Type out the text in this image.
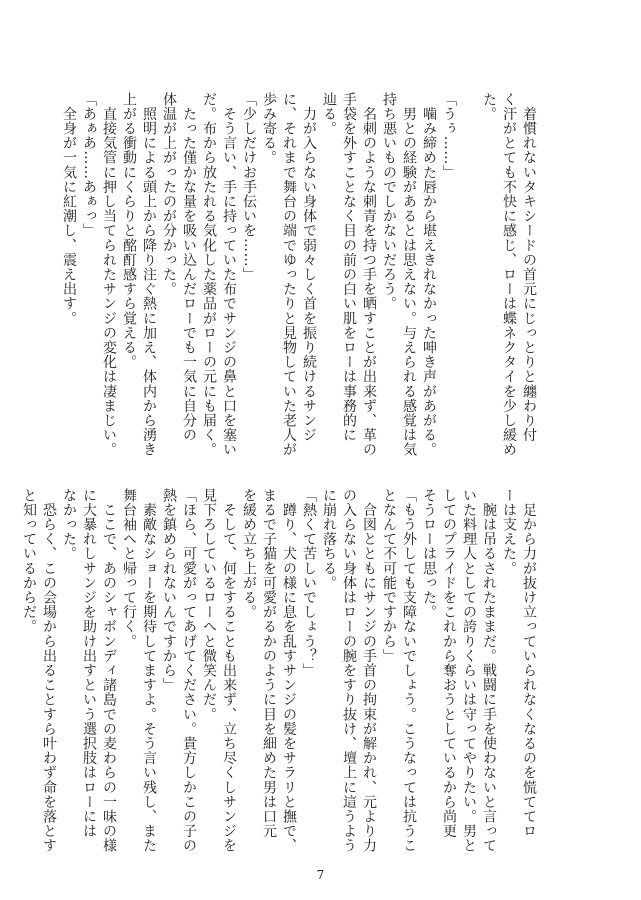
　着慣れないタキシードの首元にじっとりと纏わり付
く汗がとても不快に感じ、ローは蝶ネクタイを少し緩め
た。
「うぅ……」
　噛み締めた唇から堪えきれなかった呻き声があがる。
　男との経験があるとは思えない。与えられる感覚は気
持ち悪いものでしかないだろう。
　名刺のような刺青を持つ手を晒すことが出来ず、革の
手袋を外すことなく目の前の白い肌をローは事務的に
辿る。
　力が入らない身体で弱々しく首を振り続けるサンジ
に、それまで舞台の端でゆったりと見物していた老人が
歩み寄る。
「少しだけお手伝いを……」
　そう言い、手に持っていた布でサンジの鼻と口を塞い
だ。布から放たれる気化した薬品がローの元にも届く。
　たった僅かな量を吸い込んだローでも一気に自分の
体温が上がったのが分かった。
　照明による頭上から降り注ぐ熱に加え、体内から湧き
上がる衝動にくらりと酩酊感すら覚える。
　直接気管に押し当てられたサンジの変化は凄まじい。
「あぁあ……あぁっ」
　全身が一気に紅潮し、震え出す。
　足から力が抜け立っていられなくなるのを慌ててロ
ーは支えた。
　腕は吊るされたままだ。戦闘に手を使わないと言って
いた料理人としての誇りくらいは守ってやりたい。男と
してのプライドをこれから奪おうとしているから尚更
そうローは思った。
「もう外しても支障ないでしょう。こうなっては抗うこ
となんて不可能ですから」
　合図とともにサンジの手首の拘束が解かれ、元より力
の入らない身体はローの腕をすり抜け、壇上に這うよう
に崩れ落ちる。
「熱くて苦しいでしょう？」
　蹲り、犬の様に息を乱すサンジの髪をサラリと撫で、
まるで子猫を可愛がるかのように目を細めた男は口元
を緩め立ち上がる。
　そして、何をすることも出来ず、立ち尽くしサンジを
見下ろしているローへと微笑んだ。
「ほら、可愛がってあげてください。貴方しかこの子の
熱を鎮められないんですから」
　素敵なショーを期待してますよ。そう言い残し、また
舞台袖へと帰って行く。
　ここで、あのシャボンディ諸島での麦わらの一味の様
に大暴れしサンジを助け出すという選択肢はローには
なかった。
　恐らく、この会場から出ることすら叶わず命を落とす
と知っているからだ。
7
